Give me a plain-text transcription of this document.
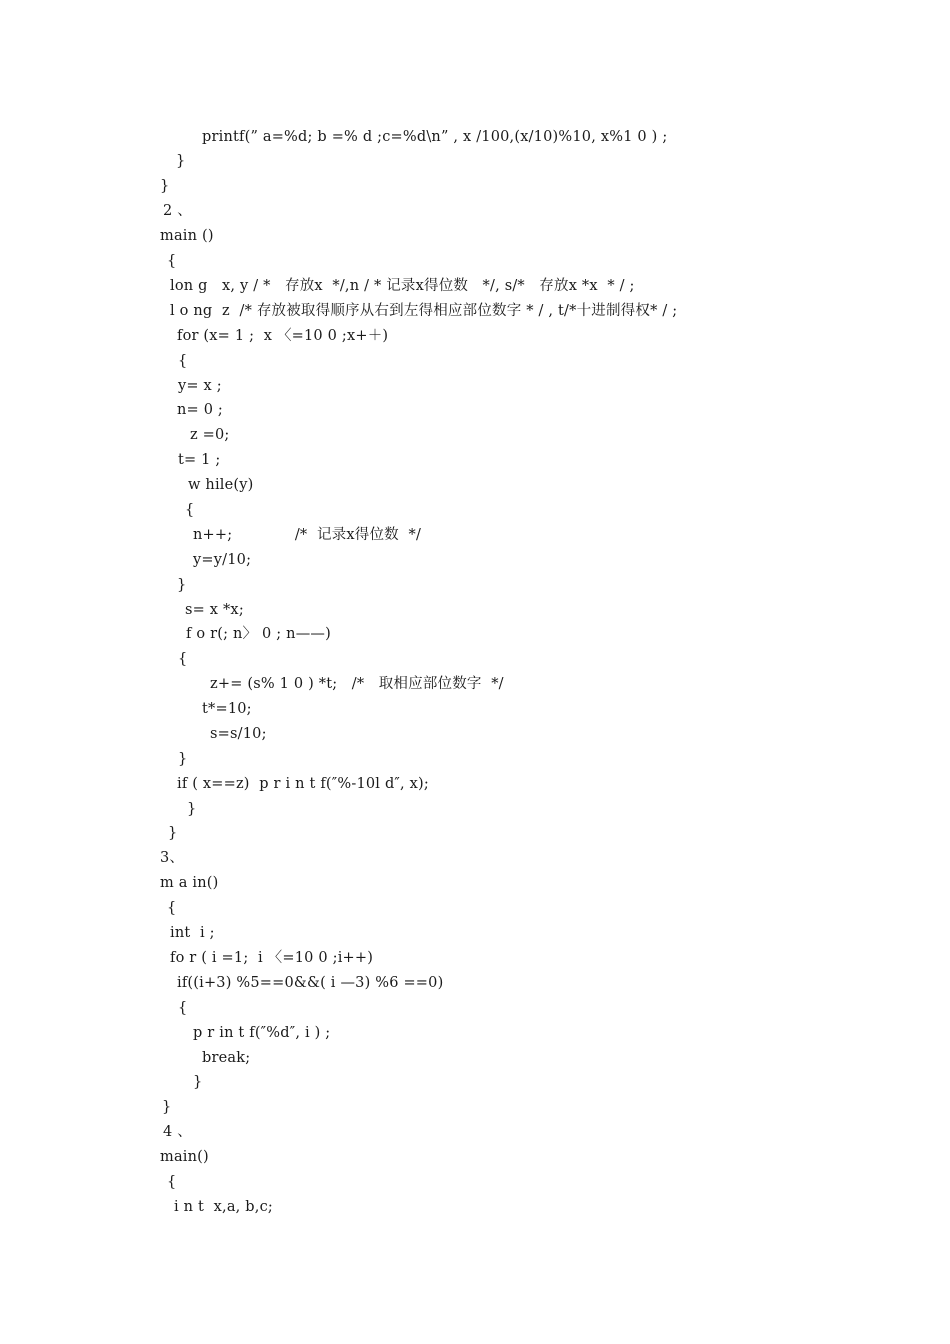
printf(” a=%d; b =% d ;c=%d\n” , x /100,(x/10)%10, x%1 0 ) ;
}
}
2 、
main ()
{
lon g   x, y / *   存放x  */,n / * 记录x得位数   */, s/*   存放x *x  * / ;
l o ng  z  /* 存放被取得顺序从右到左得相应部位数字 * / , t/*十进制得权* / ;
for (x= 1 ;  x 〈=10 0 ;x+＋)
{
y= x ;
n= 0 ;
z =0;
t= 1 ;
w hile(y)
{
n++;             /*  记录x得位数  */
y=y/10;
}
s= x *x;
f o r(; n〉 0 ; n——)
{
z+= (s% 1 0 ) *t;   /*   取相应部位数字  */
t*=10;
s=s/10;
}
if ( x==z)  p r i n t f(″%-10l d″, x);
}
}
3、
m a in()
{
int  i ;
fo r ( i =1;  i 〈=10 0 ;i++)
if((i+3) %5==0&&( i —3) %6 ==0)
{
p r in t f(″%d″, i ) ;
break;
}
}
4 、
main()
{
i n t  x,a, b,c;
